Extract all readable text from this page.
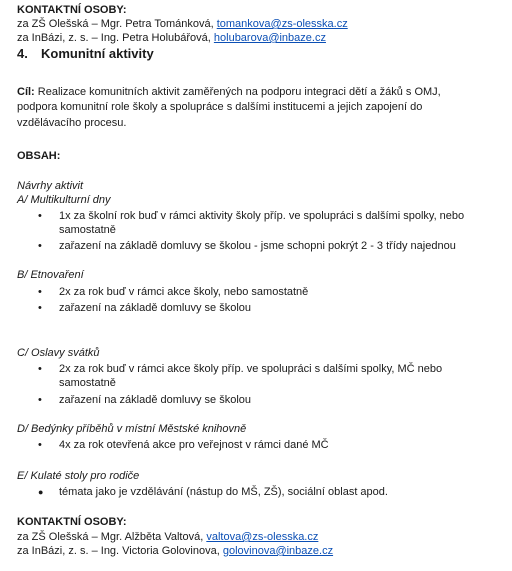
KONTAKTNÍ OSOBY:
za ZŠ Olešská – Mgr. Petra Tománková, tomankova@zs-olesska.cz
za InBázi, z. s. – Ing. Petra Holubářová, holubarova@inbaze.cz
4. Komunitní aktivity
Cíl: Realizace komunitních aktivit zaměřených na podporu integraci dětí a žáků s OMJ,
podpora komunitní role školy a spolupráce s dalšími institucemi a jejich zapojení do
vzdělávacího procesu.
OBSAH:
Návrhy aktivit
A/ Multikulturní dny
• 1x za školní rok buď v rámci aktivity školy příp. ve spolupráci s dalšími spolky, nebo
samostatně
• zařazení na základě domluvy se školou - jsme schopni pokrýt 2 - 3 třídy najednou
B/ Etnovaření
• 2x za rok buď v rámci akce školy, nebo samostatně
• zařazení na základě domluvy se školou
C/ Oslavy svátků
• 2x za rok buď v rámci akce školy příp. ve spolupráci s dalšími spolky, MČ nebo
samostatně
• zařazení na základě domluvy se školou
D/ Bedýnky příběhů v místní Městské knihovně
• 4x za rok otevřená akce pro veřejnost v rámci dané MČ
E/ Kulaté stoly pro rodiče
● témata jako je vzdělávání (nástup do MŠ, ZŠ), sociální oblast apod.
KONTAKTNÍ OSOBY:
za ZŠ Olešská – Mgr. Alžběta Valtová, valtova@zs-olesska.cz
za InBázi, z. s. – Ing. Victoria Golovinova, golovinova@inbaze.cz
